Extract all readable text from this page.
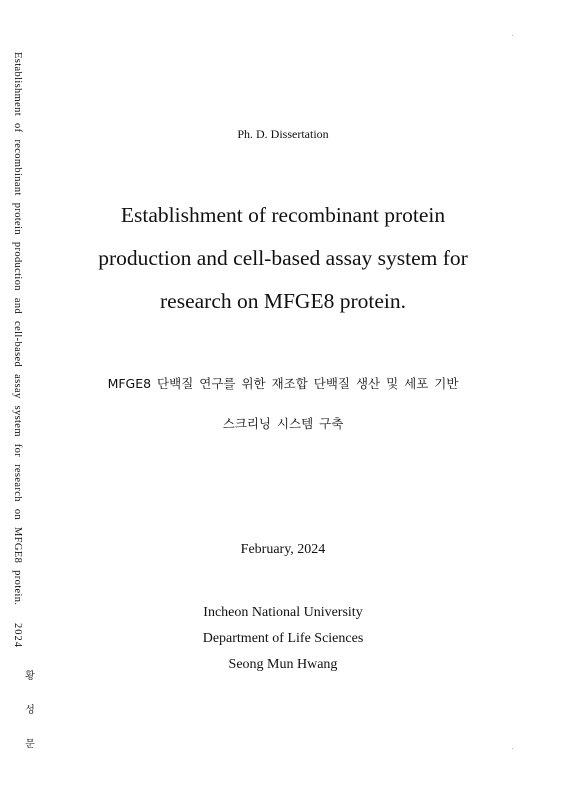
Establishment of recombinant protein production and cell-based assay system for research on MFGE8 protein.
2024
황
성
문
Ph. D. Dissertation
Establishment of recombinant protein
production and cell-based assay system for
research on MFGE8 protein.
MFGE8 단백질 연구를 위한 재조합 단백질 생산 및 세포 기반
스크리닝 시스템 구축
February, 2024
Incheon National University
Department of Life Sciences
Seong Mun Hwang
